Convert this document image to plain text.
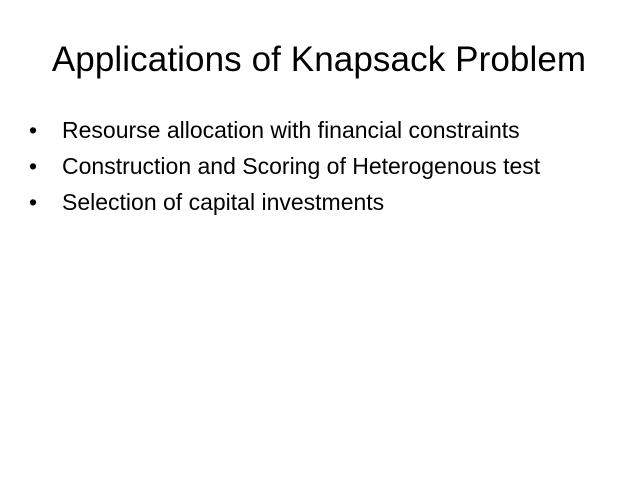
Applications of Knapsack Problem
•	Resourse allocation with financial constraints
•	Construction and Scoring of Heterogenous test
•	Selection of capital investments
